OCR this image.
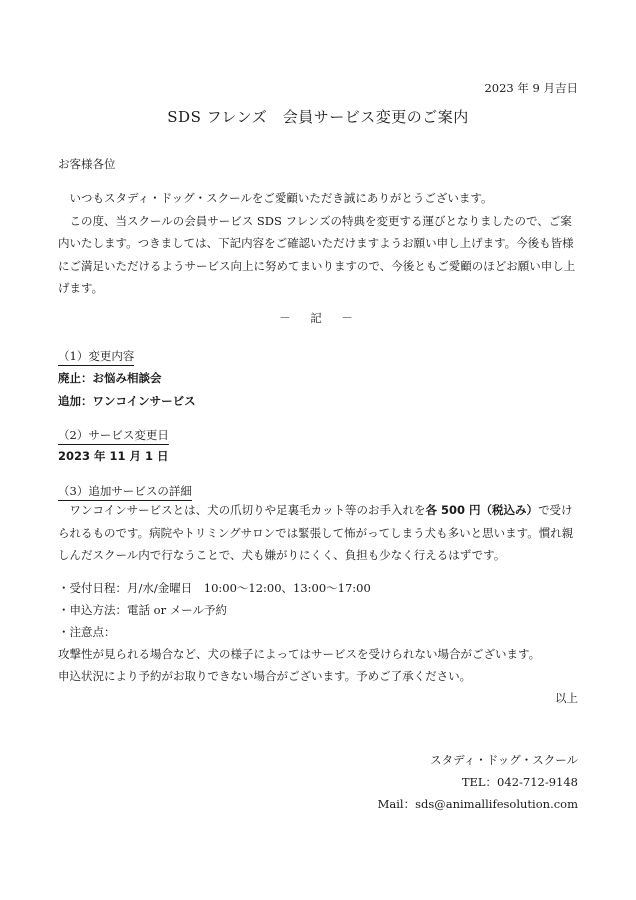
2023 年 9 月吉日
SDS フレンズ　会員サービス変更のご案内
お客様各位
いつもスタディ・ドッグ・スクールをご愛顧いただき誠にありがとうございます。
この度、当スクールの会員サービス SDS フレンズの特典を変更する運びとなりましたので、ご案内いたします。つきましては、下記内容をご確認いただけますようお願い申し上げます。今後も皆様にご満足いただけるようサービス向上に努めてまいりますので、今後ともご愛顧のほどお願い申し上げます。
－　記　－
（1）変更内容
廃止：お悩み相談会
追加：ワンコインサービス
（2）サービス変更日
2023 年 11 月 1 日
（3）追加サービスの詳細
ワンコインサービスとは、犬の爪切りや足裏毛カット等のお手入れを各 500 円（税込み）で受けられるものです。病院やトリミングサロンでは緊張して怖がってしまう犬も多いと思います。慣れ親しんだスクール内で行なうことで、犬も嫌がりにくく、負担も少なく行えるはずです。
・受付日程：月/水/金曜日　10:00～12:00、13:00～17:00
・申込方法：電話 or メール予約
・注意点：
攻撃性が見られる場合など、犬の様子によってはサービスを受けられない場合がございます。
申込状況により予約がお取りできない場合がございます。予めご了承ください。
以上
スタディ・ドッグ・スクール
TEL：042-712-9148
Mail：sds@animallifesolution.com
